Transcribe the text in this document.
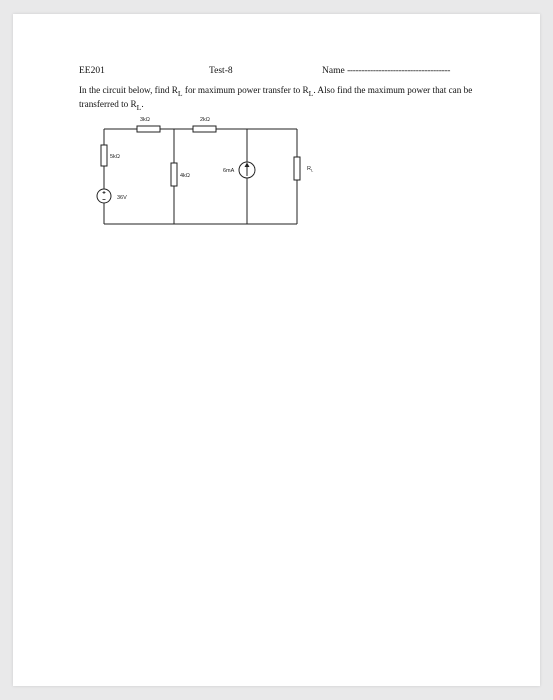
EE201	Test-8	Name ------------------------------------
In the circuit below, find $R_L$ for maximum power transfer to $R_L$. Also find the maximum power that can be transferred to $R_L$.
3kΩ	2kΩ
5kΩ
36V
4kΩ
6mA	$R_L$
